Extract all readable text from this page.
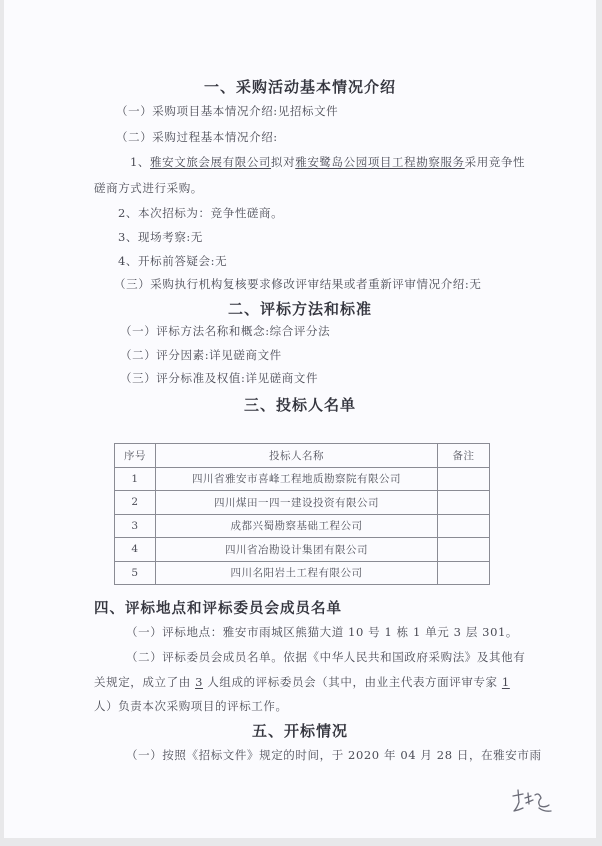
一、采购活动基本情况介绍
（一）采购项目基本情况介绍:见招标文件
（二）采购过程基本情况介绍:
1、雅安文旅会展有限公司拟对雅安鹭岛公园项目工程勘察服务采用竞争性
磋商方式进行采购。
2、本次招标为：竞争性磋商。
3、现场考察:无
4、开标前答疑会:无
（三）采购执行机构复核要求修改评审结果或者重新评审情况介绍:无
二、评标方法和标准
（一）评标方法名称和概念:综合评分法
（二）评分因素:详见磋商文件
（三）评分标准及权值:详见磋商文件
三、投标人名单
序号	投标人名称	备注
1	四川省雅安市喜峰工程地质勘察院有限公司	
2	四川煤田一四一建设投资有限公司	
3	成都兴蜀勘察基础工程公司	
4	四川省冶勘设计集团有限公司	
5	四川名阳岩土工程有限公司	
四、评标地点和评标委员会成员名单
（一）评标地点：雅安市雨城区熊猫大道 10 号 1 栋 1 单元 3 层 301。
（二）评标委员会成员名单。依据《中华人民共和国政府采购法》及其他有
关规定，成立了由 3 人组成的评标委员会（其中，由业主代表方面评审专家 1
人）负责本次采购项目的评标工作。
五、开标情况
（一）按照《招标文件》规定的时间，于 2020 年 04 月 28 日，在雅安市雨
